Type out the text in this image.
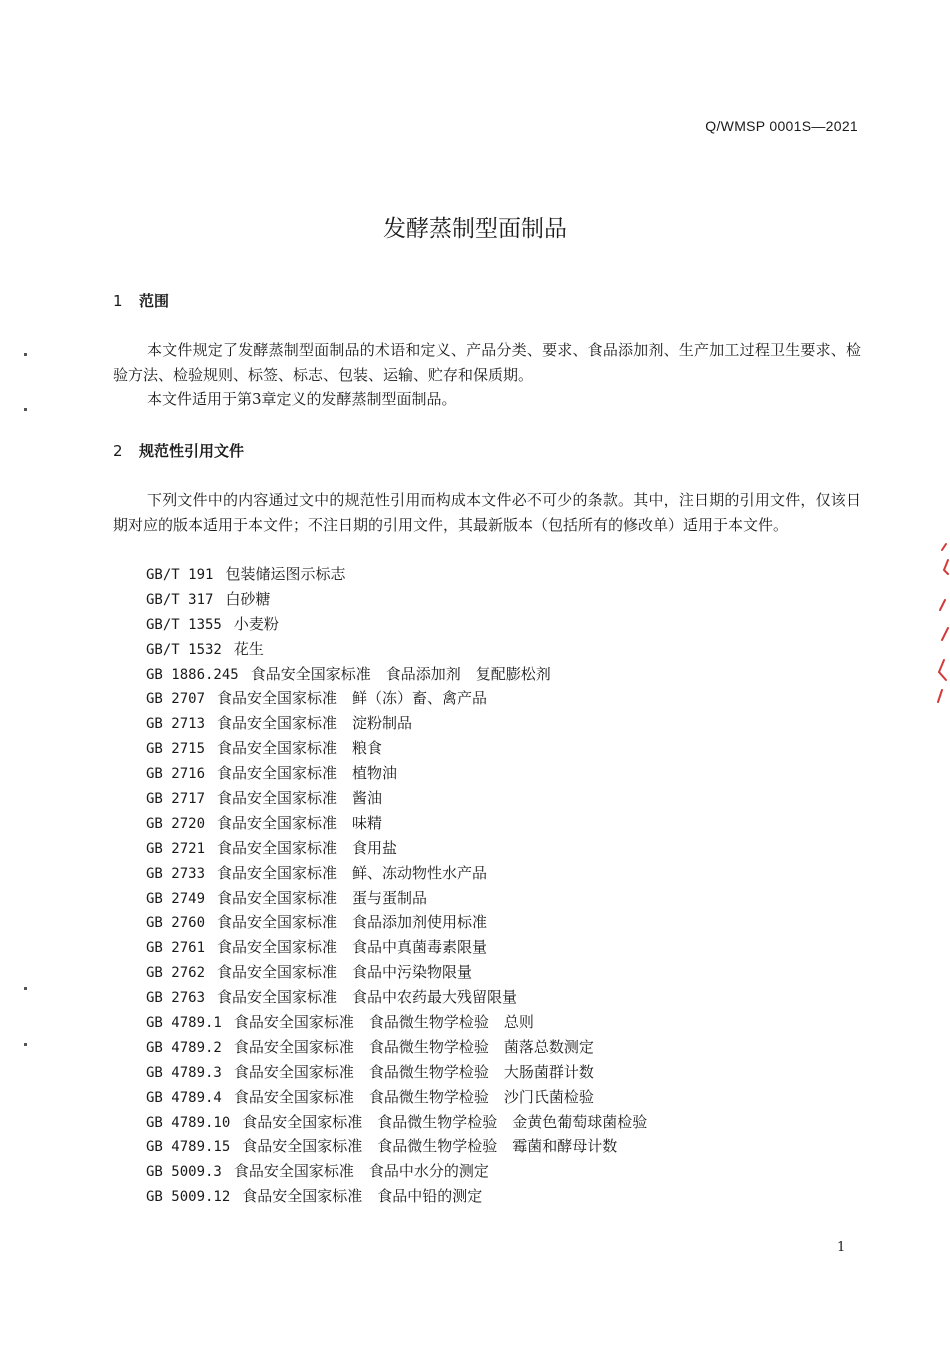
Q/WMSP 0001S—2021
发酵蒸制型面制品
1 范围

本文件规定了发酵蒸制型面制品的术语和定义、产品分类、要求、食品添加剂、生产加工过程卫生要求、检验方法、检验规则、标签、标志、包装、运输、贮存和保质期。

本文件适用于第3章定义的发酵蒸制型面制品。

2 规范性引用文件

下列文件中的内容通过文中的规范性引用而构成本文件必不可少的条款。其中，注日期的引用文件，仅该日期对应的版本适用于本文件；不注日期的引用文件，其最新版本（包括所有的修改单）适用于本文件。

GB/T 191 包装储运图示标志
GB/T 317 白砂糖
GB/T 1355 小麦粉
GB/T 1532 花生
GB 1886.245 食品安全国家标准　食品添加剂　复配膨松剂
GB 2707 食品安全国家标准　鲜（冻）畜、禽产品
GB 2713 食品安全国家标准　淀粉制品
GB 2715 食品安全国家标准　粮食
GB 2716 食品安全国家标准　植物油
GB 2717 食品安全国家标准　酱油
GB 2720 食品安全国家标准　味精
GB 2721 食品安全国家标准　食用盐
GB 2733 食品安全国家标准　鲜、冻动物性水产品
GB 2749 食品安全国家标准　蛋与蛋制品
GB 2760 食品安全国家标准　食品添加剂使用标准
GB 2761 食品安全国家标准　食品中真菌毒素限量
GB 2762 食品安全国家标准　食品中污染物限量
GB 2763 食品安全国家标准　食品中农药最大残留限量
GB 4789.1 食品安全国家标准　食品微生物学检验　总则
GB 4789.2 食品安全国家标准　食品微生物学检验　菌落总数测定
GB 4789.3 食品安全国家标准　食品微生物学检验　大肠菌群计数
GB 4789.4 食品安全国家标准　食品微生物学检验　沙门氏菌检验
GB 4789.10 食品安全国家标准　食品微生物学检验　金黄色葡萄球菌检验
GB 4789.15 食品安全国家标准　食品微生物学检验　霉菌和酵母计数
GB 5009.3 食品安全国家标准　食品中水分的测定
GB 5009.12 食品安全国家标准　食品中铅的测定
1
